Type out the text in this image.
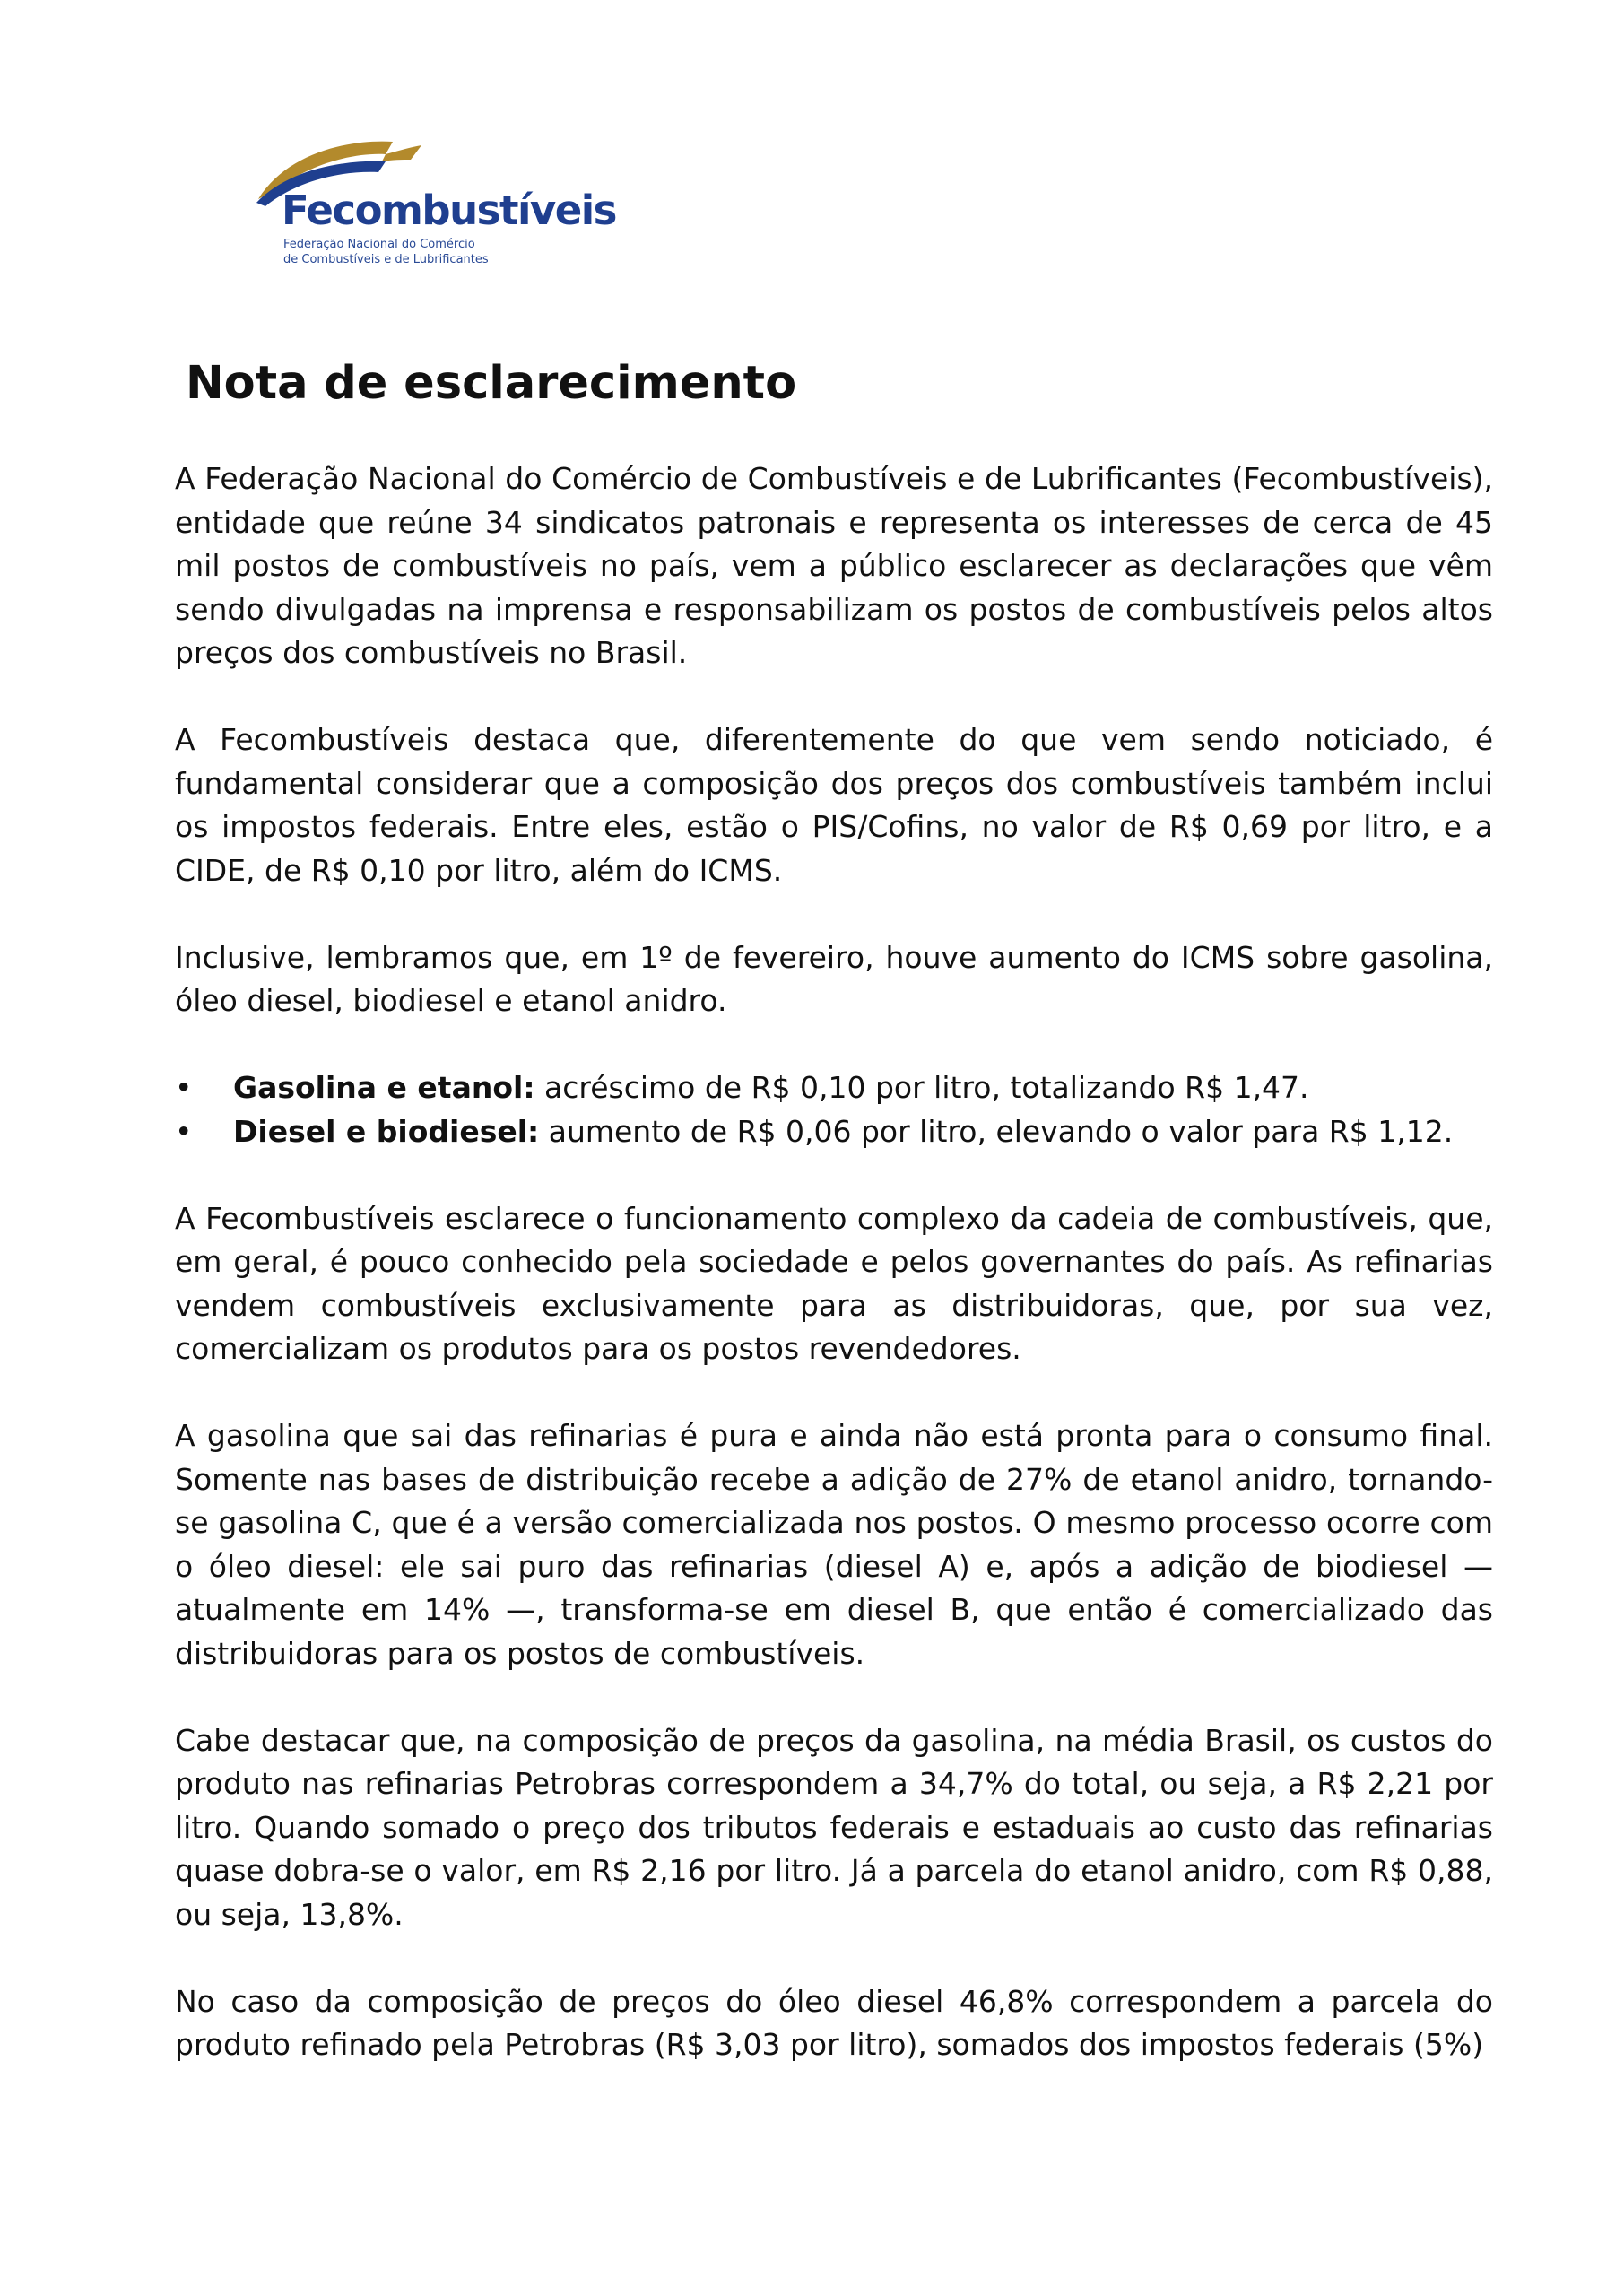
Fecombustíveis
Federação Nacional do Comércio
de Combustíveis e de Lubrificantes
Nota de esclarecimento

A Federação Nacional do Comércio de Combustíveis e de Lubrificantes (Fecombustíveis), entidade que reúne 34 sindicatos patronais e representa os interesses de cerca de 45 mil postos de combustíveis no país, vem a público esclarecer as declarações que vêm sendo divulgadas na imprensa e responsabilizam os postos de combustíveis pelos altos preços dos combustíveis no Brasil.

A Fecombustíveis destaca que, diferentemente do que vem sendo noticiado, é fundamental considerar que a composição dos preços dos combustíveis também inclui os impostos federais. Entre eles, estão o PIS/Cofins, no valor de R$ 0,69 por litro, e a CIDE, de R$ 0,10 por litro, além do ICMS.

Inclusive, lembramos que, em 1º de fevereiro, houve aumento do ICMS sobre gasolina, óleo diesel, biodiesel e etanol anidro.

• Gasolina e etanol: acréscimo de R$ 0,10 por litro, totalizando R$ 1,47.
• Diesel e biodiesel: aumento de R$ 0,06 por litro, elevando o valor para R$ 1,12.

A Fecombustíveis esclarece o funcionamento complexo da cadeia de combustíveis, que, em geral, é pouco conhecido pela sociedade e pelos governantes do país. As refinarias vendem combustíveis exclusivamente para as distribuidoras, que, por sua vez, comercializam os produtos para os postos revendedores.

A gasolina que sai das refinarias é pura e ainda não está pronta para o consumo final. Somente nas bases de distribuição recebe a adição de 27% de etanol anidro, tornando-se gasolina C, que é a versão comercializada nos postos. O mesmo processo ocorre com o óleo diesel: ele sai puro das refinarias (diesel A) e, após a adição de biodiesel — atualmente em 14% —, transforma-se em diesel B, que então é comercializado das distribuidoras para os postos de combustíveis.

Cabe destacar que, na composição de preços da gasolina, na média Brasil, os custos do produto nas refinarias Petrobras correspondem a 34,7% do total, ou seja, a R$ 2,21 por litro. Quando somado o preço dos tributos federais e estaduais ao custo das refinarias quase dobra-se o valor, em R$ 2,16 por litro. Já a parcela do etanol anidro, com R$ 0,88, ou seja, 13,8%.

No caso da composição de preços do óleo diesel 46,8% correspondem a parcela do produto refinado pela Petrobras (R$ 3,03 por litro), somados dos impostos federais (5%)
